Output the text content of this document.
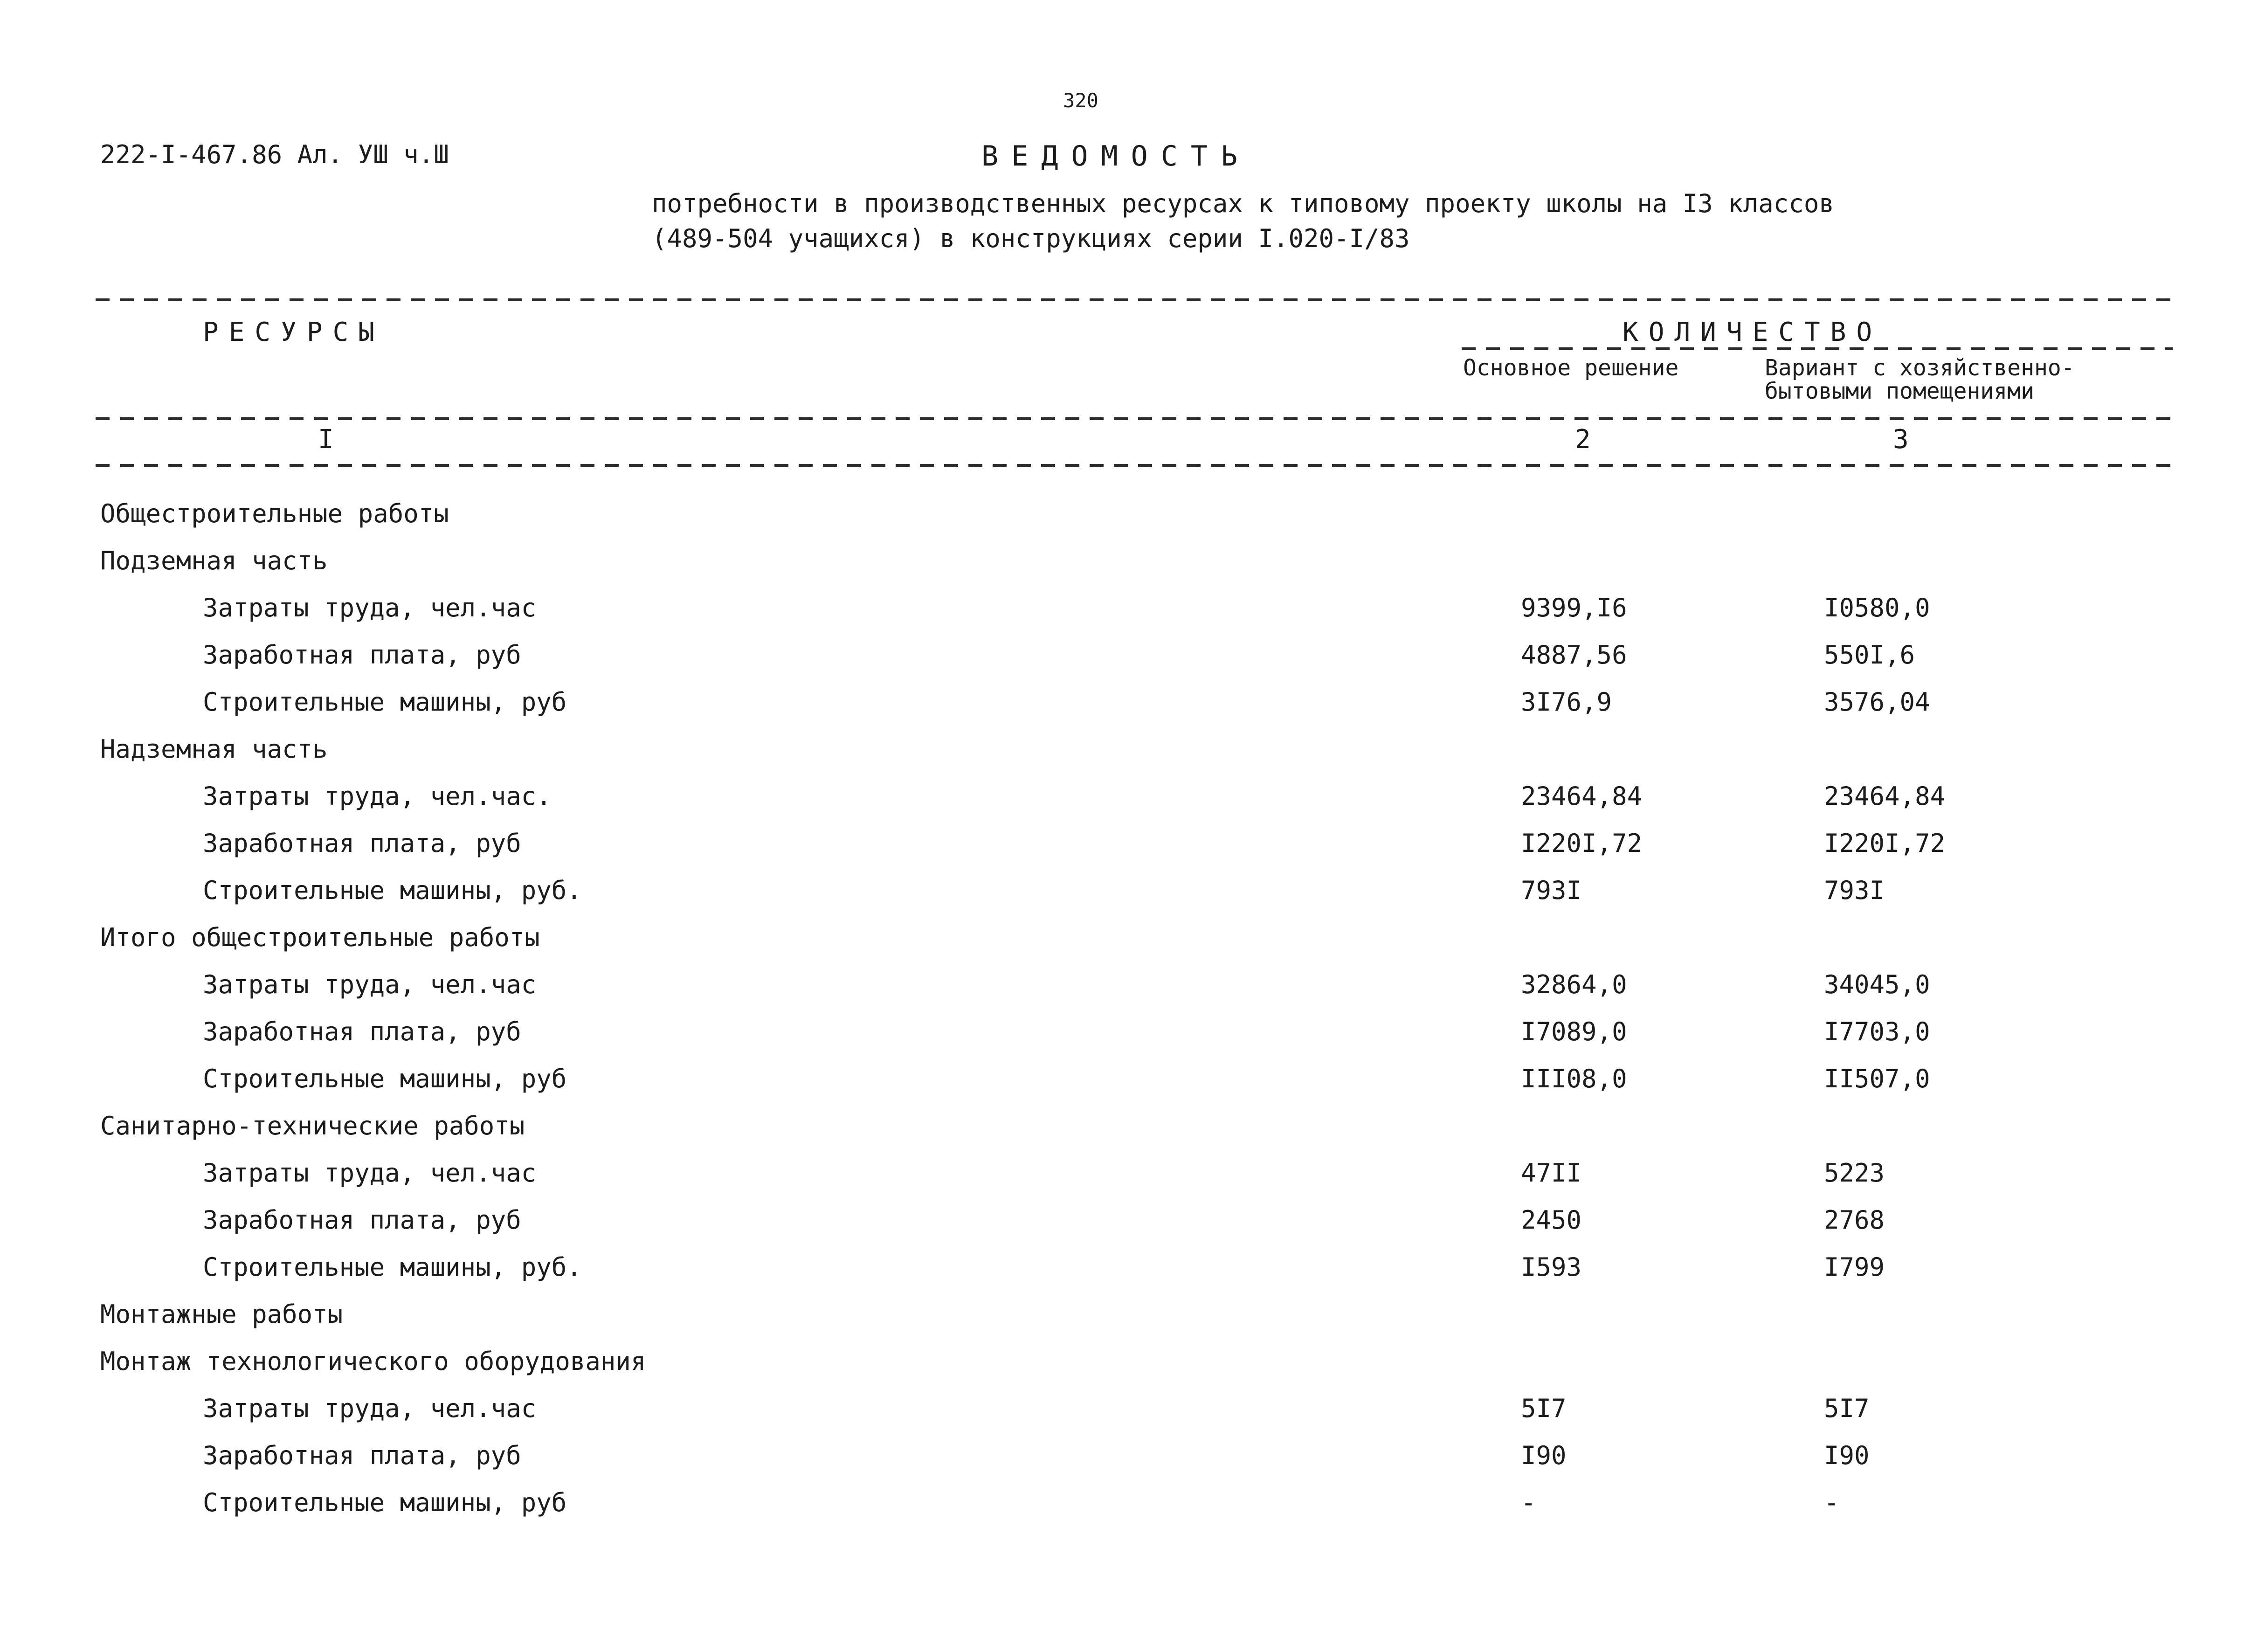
320
222-I-467.86 Ал. УШ ч.Ш	ВЕДОМОСТЬ
потребности в производственных ресурсах к типовому проекту школы на I3 классов
(489-504 учащихся) в конструкциях серии I.020-I/83
РЕСУРСЫ	КОЛИЧЕСТВО
Основное решение	Вариант с хозяйственно-
бытовыми помещениями
I	2	3
Общестроительные работы
Подземная часть
Затраты труда, чел.час	9399,I6	I0580,0
Заработная плата, руб	4887,56	550I,6
Строительные машины, руб	3I76,9	3576,04
Надземная часть
Затраты труда, чел.час.	23464,84	23464,84
Заработная плата, руб	I220I,72	I220I,72
Строительные машины, руб.	793I	793I
Итого общестроительные работы
Затраты труда, чел.час	32864,0	34045,0
Заработная плата, руб	I7089,0	I7703,0
Строительные машины, руб	III08,0	II507,0
Санитарно-технические работы
Затраты труда, чел.час	47II	5223
Заработная плата, руб	2450	2768
Строительные машины, руб.	I593	I799
Монтажные работы
Монтаж технологического оборудования
Затраты труда, чел.час	5I7	5I7
Заработная плата, руб	I90	I90
Строительные машины, руб	-	-
